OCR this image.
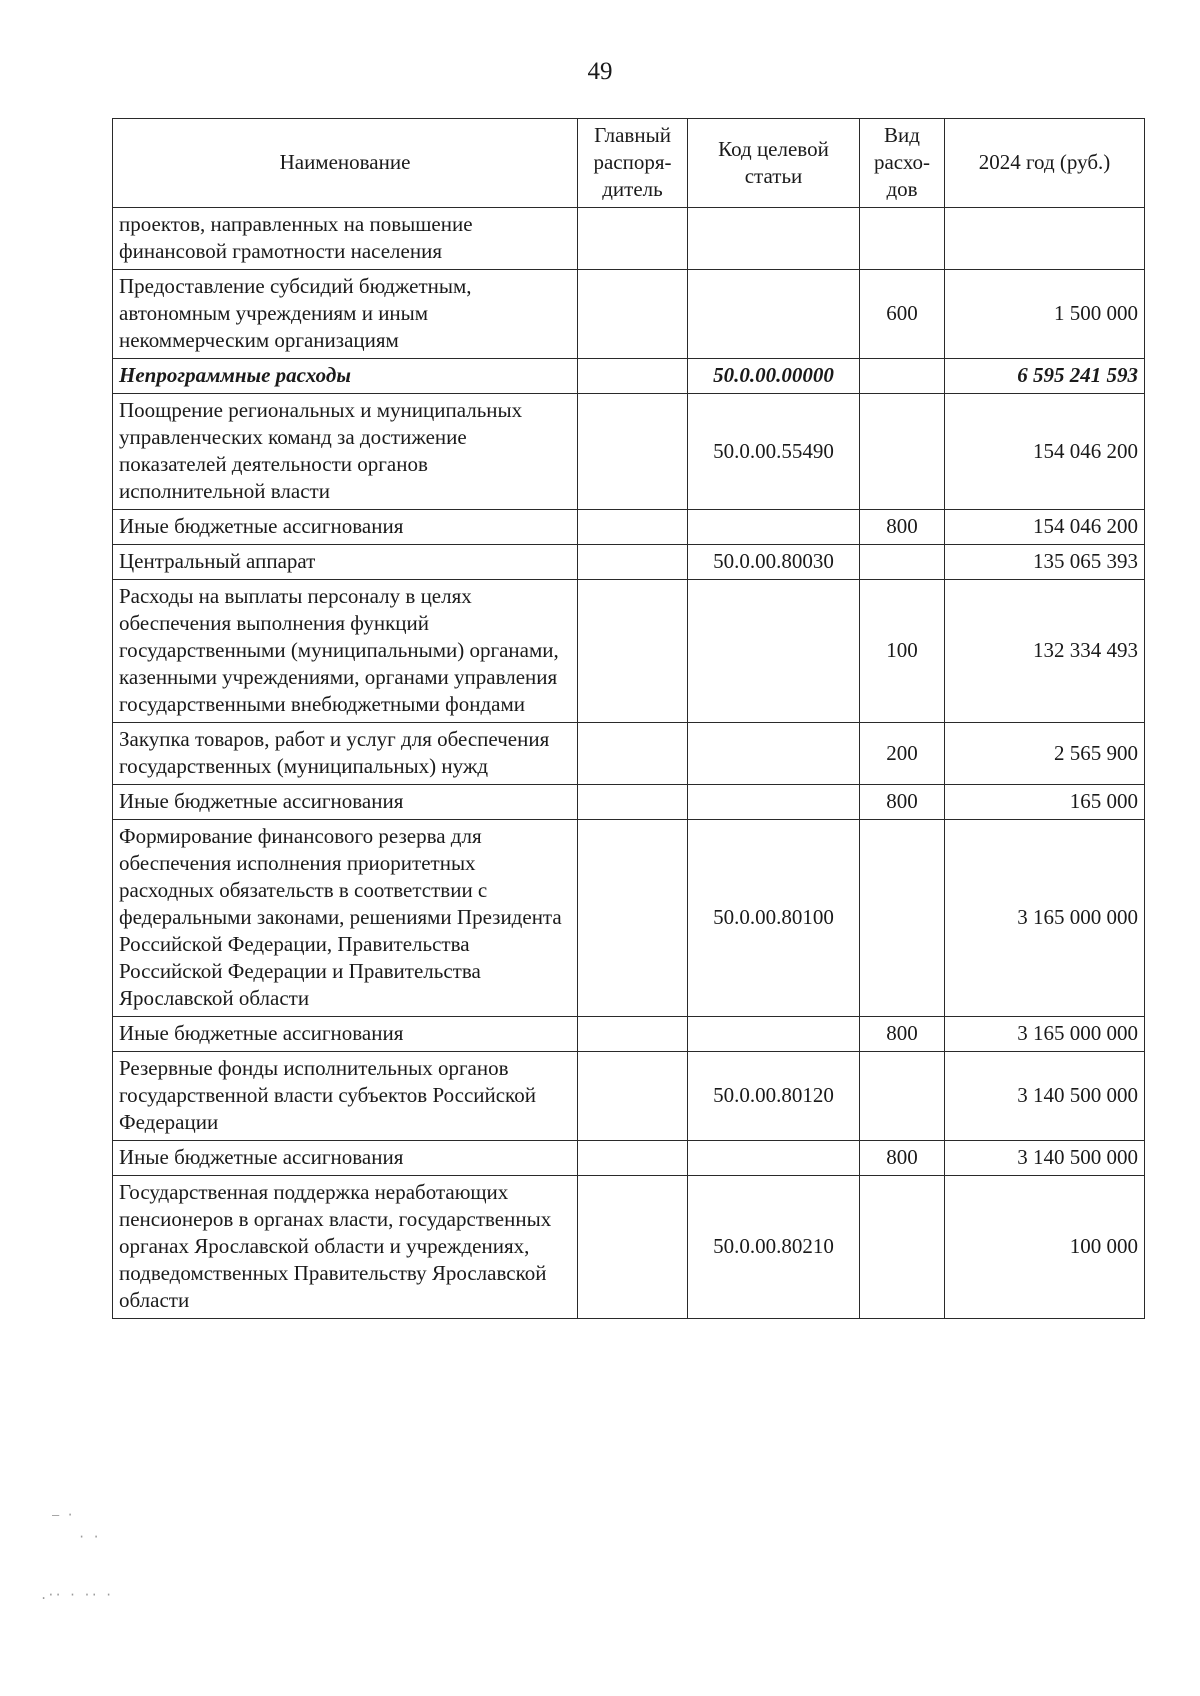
49
Наименование	Главный распоря-дитель	Код целевой статьи	Вид расхо-дов	2024 год (руб.)
проектов, направленных на повышение финансовой грамотности населения				
Предоставление субсидий бюджетным, автономным учреждениям и иным некоммерческим организациям			600	1 500 000
Непрограммные расходы		50.0.00.00000		6 595 241 593
Поощрение региональных и муниципальных управленческих команд за достижение показателей деятельности органов исполнительной власти		50.0.00.55490		154 046 200
Иные бюджетные ассигнования			800	154 046 200
Центральный аппарат		50.0.00.80030		135 065 393
Расходы на выплаты персоналу в целях обеспечения выполнения функций государственными (муниципальными) органами, казенными учреждениями, органами управления государственными внебюджетными фондами			100	132 334 493
Закупка товаров, работ и услуг для обеспечения государственных (муниципальных) нужд			200	2 565 900
Иные бюджетные ассигнования			800	165 000
Формирование финансового резерва для обеспечения исполнения приоритетных расходных обязательств в соответствии с федеральными законами, решениями Президента Российской Федерации, Правительства Российской Федерации и Правительства Ярославской области		50.0.00.80100		3 165 000 000
Иные бюджетные ассигнования			800	3 165 000 000
Резервные фонды исполнительных органов государственной власти субъектов Российской Федерации		50.0.00.80120		3 140 500 000
Иные бюджетные ассигнования			800	3 140 500 000
Государственная поддержка неработающих пенсионеров в органах власти, государственных органах Ярославской области и учреждениях, подведомственных Правительству Ярославской области		50.0.00.80210		100 000
– ·
· ·
.·· · ·· ·
